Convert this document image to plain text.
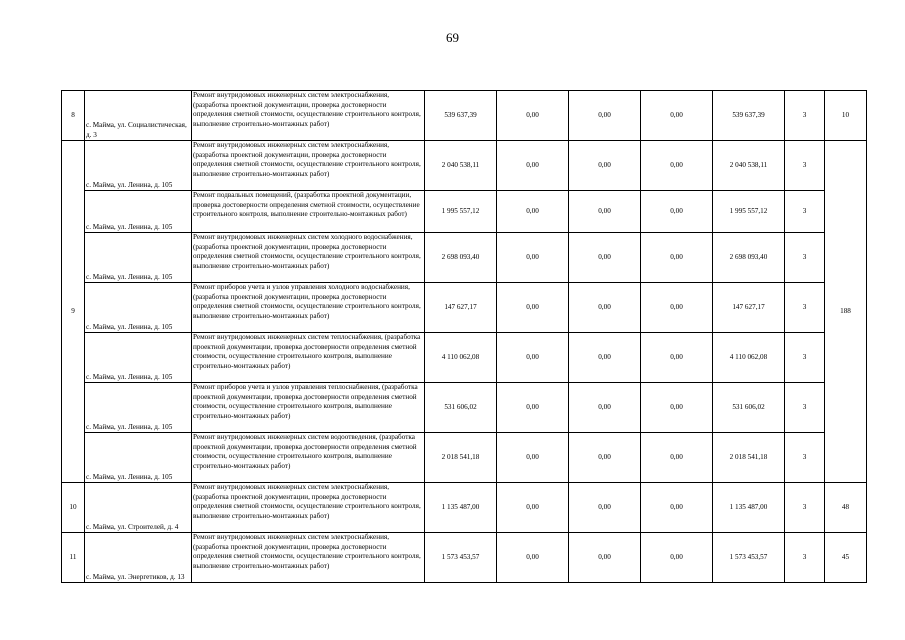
69
8	с. Майма, ул. Социалистическая, д. 3	Ремонт внутридомовых инженерных систем электроснабжения, (разработка проектной документации, проверка достоверности определения сметной стоимости, осуществление строительного контроля, выполнение строительно-монтажных работ)	539 637,39	0,00	0,00	0,00	539 637,39	3	10
9	с. Майма, ул. Ленина, д. 105	Ремонт внутридомовых инженерных систем электроснабжения, (разработка проектной документации, проверка достоверности определения сметной стоимости, осуществление строительного контроля, выполнение строительно-монтажных работ)	2 040 538,11	0,00	0,00	0,00	2 040 538,11	3	188
	с. Майма, ул. Ленина, д. 105	Ремонт подвальных помещений, (разработка проектной документации, проверка достоверности определения сметной стоимости, осуществление строительного контроля, выполнение строительно-монтажных работ)	1 995 557,12	0,00	0,00	0,00	1 995 557,12	3	
	с. Майма, ул. Ленина, д. 105	Ремонт внутридомовых инженерных систем холодного водоснабжения, (разработка проектной документации, проверка достоверности определения сметной стоимости, осуществление строительного контроля, выполнение строительно-монтажных работ)	2 698 093,40	0,00	0,00	0,00	2 698 093,40	3	
	с. Майма, ул. Ленина, д. 105	Ремонт приборов учета и узлов управления холодного водоснабжения, (разработка проектной документации, проверка достоверности определения сметной стоимости, осуществление строительного контроля, выполнение строительно-монтажных работ)	147 627,17	0,00	0,00	0,00	147 627,17	3	
	с. Майма, ул. Ленина, д. 105	Ремонт внутридомовых инженерных систем теплоснабжения, (разработка проектной документации, проверка достоверности определения сметной стоимости, осуществление строительного контроля, выполнение строительно-монтажных работ)	4 110 062,08	0,00	0,00	0,00	4 110 062,08	3	
	с. Майма, ул. Ленина, д. 105	Ремонт приборов учета и узлов управления теплоснабжения, (разработка проектной документации, проверка достоверности определения сметной стоимости, осуществление строительного контроля, выполнение строительно-монтажных работ)	531 606,02	0,00	0,00	0,00	531 606,02	3	
	с. Майма, ул. Ленина, д. 105	Ремонт внутридомовых инженерных систем водоотведения, (разработка проектной документации, проверка достоверности определения сметной стоимости, осуществление строительного контроля, выполнение строительно-монтажных работ)	2 018 541,18	0,00	0,00	0,00	2 018 541,18	3	
10	с. Майма, ул. Строителей, д. 4	Ремонт внутридомовых инженерных систем электроснабжения, (разработка проектной документации, проверка достоверности определения сметной стоимости, осуществление строительного контроля, выполнение строительно-монтажных работ)	1 135 487,00	0,00	0,00	0,00	1 135 487,00	3	48
11	с. Майма, ул. Энергетиков, д. 13	Ремонт внутридомовых инженерных систем электроснабжения, (разработка проектной документации, проверка достоверности определения сметной стоимости, осуществление строительного контроля, выполнение строительно-монтажных работ)	1 573 453,57	0,00	0,00	0,00	1 573 453,57	3	45
